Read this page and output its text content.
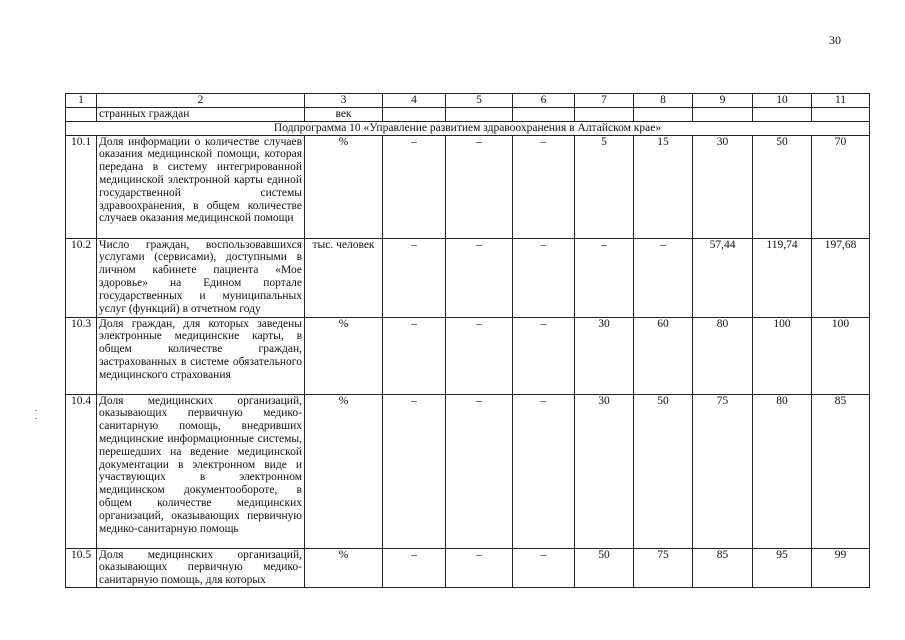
30
1	2	3	4	5	6	7	8	9	10	11
	странных граждан	век								
Подпрограмма 10 «Управление развитием здравоохранения в Алтайском крае»										
10.1	Доля информации о количестве случаев оказания медицинской помощи, которая передана в систему интегрированной медицинской электронной карты единой государственной системы здравоохранения, в общем количестве случаев оказания медицинской помощи	%	–	–	–	5	15	30	50	70
10.2	Число граждан, воспользовавшихся услугами (сервисами), доступными в личном кабинете пациента «Мое здоровье» на Едином портале государственных и муниципальных услуг (функций) в отчетном году	тыс. человек	–	–	–	–	–	57,44	119,74	197,68
10.3	Доля граждан, для которых заведены электронные медицинские карты, в общем количестве граждан, застрахованных в системе обязательного медицинского страхования	%	–	–	–	30	60	80	100	100
10.4	Доля медицинских организаций, оказывающих первичную медико-санитарную помощь, внедривших медицинские информационные системы, перешедших на ведение медицинской документации в электронном виде и участвующих в электронном медицинском документообороте, в общем количестве медицинских организаций, оказывающих первичную медико-санитарную помощь	%	–	–	–	30	50	75	80	85
10.5	Доля медицинских организаций, оказывающих первичную медико-санитарную помощь, для которых	%	–	–	–	50	75	85	95	99
